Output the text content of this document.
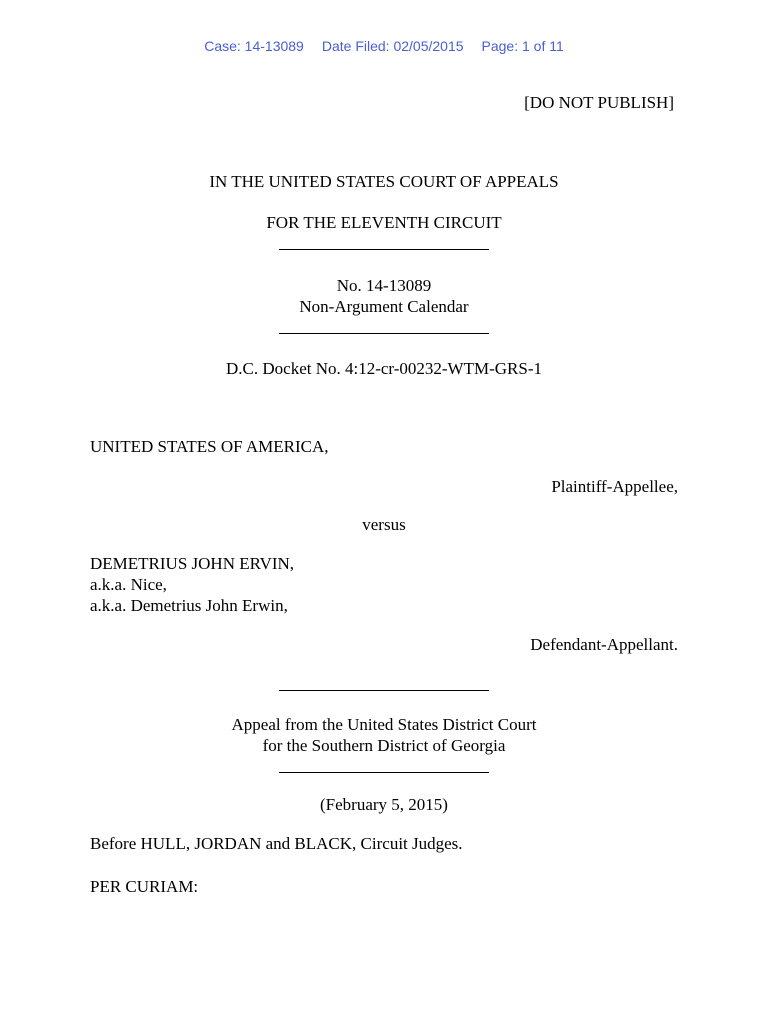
Case: 14-13089 Date Filed: 02/05/2015 Page: 1 of 11
[DO NOT PUBLISH]
IN THE UNITED STATES COURT OF APPEALS
FOR THE ELEVENTH CIRCUIT
No. 14-13089
Non-Argument Calendar
D.C. Docket No. 4:12-cr-00232-WTM-GRS-1
UNITED STATES OF AMERICA,
Plaintiff-Appellee,
versus
DEMETRIUS JOHN ERVIN,
a.k.a. Nice,
a.k.a. Demetrius John Erwin,
Defendant-Appellant.
Appeal from the United States District Court
for the Southern District of Georgia
(February 5, 2015)
Before HULL, JORDAN and BLACK, Circuit Judges.
PER CURIAM:
